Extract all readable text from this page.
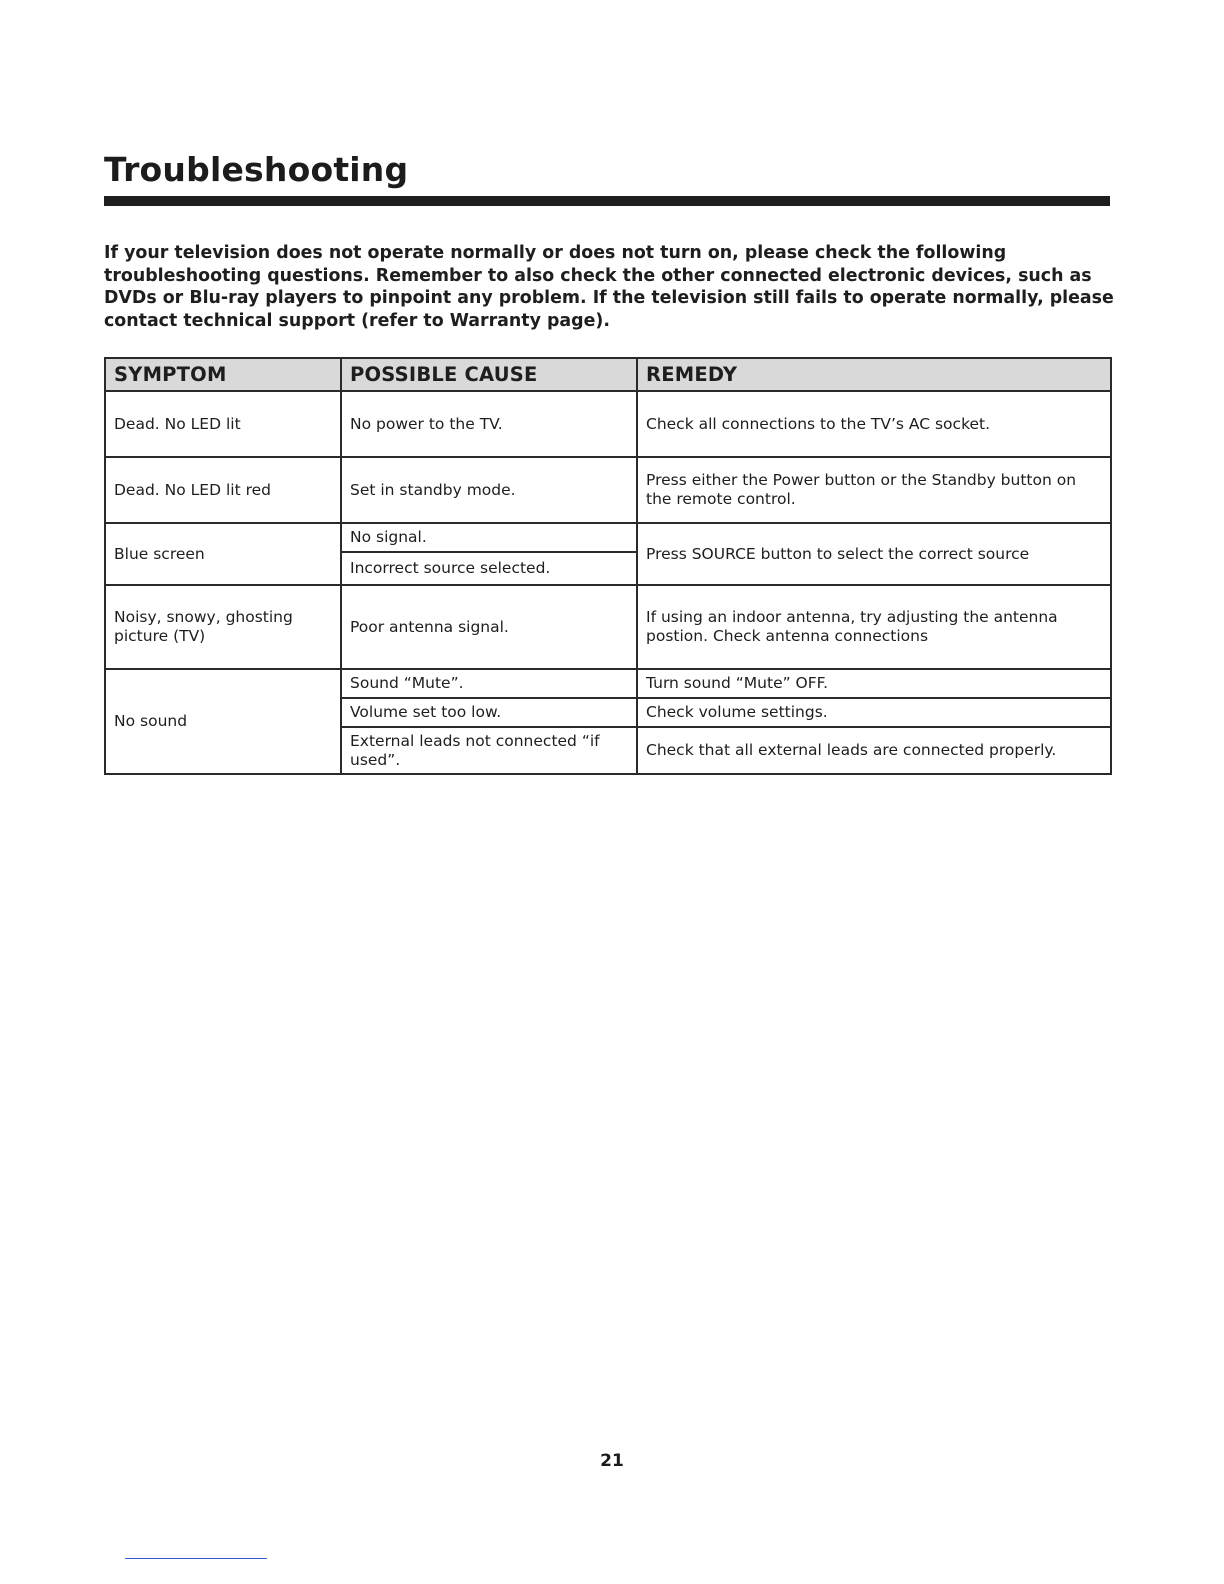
Troubleshooting

If your television does not operate normally or does not turn on, please check the following troubleshooting questions. Remember to also check the other connected electronic devices, such as DVDs or Blu-ray players to pinpoint any problem. If the television still fails to operate normally, please contact technical support (refer to Warranty page).

SYMPTOM	POSSIBLE CAUSE	REMEDY
Dead. No LED lit	No power to the TV.	Check all connections to the TV’s AC socket.
Dead. No LED lit red	Set in standby mode.	Press either the Power button or the Standby button on the remote control.
Blue screen	No signal.	Press SOURCE button to select the correct source
	Incorrect source selected.	
Noisy, snowy, ghosting picture (TV)	Poor antenna signal.	If using an indoor antenna, try adjusting the antenna postion. Check antenna connections
No sound	Sound “Mute”.	Turn sound “Mute” OFF.
	Volume set too low.	Check volume settings.
	External leads not connected “if used”.	Check that all external leads are connected properly.
21
